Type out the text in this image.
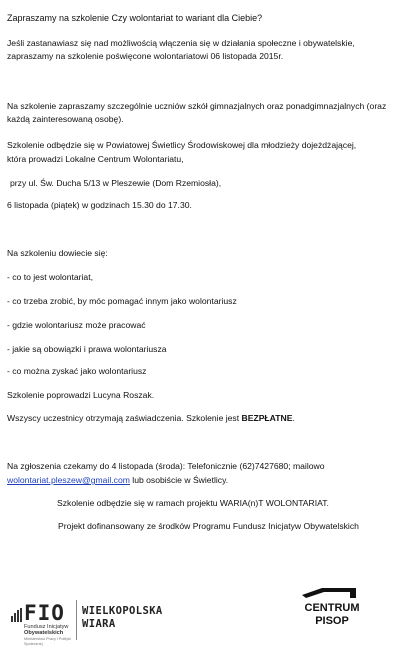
Zapraszamy na szkolenie Czy wolontariat to wariant dla Ciebie?
Jeśli zastanawiasz się nad możliwością włączenia się w działania społeczne i obywatelskie, zapraszamy na szkolenie poświęcone wolontariatowi 06 listopada 2015r.
Na szkolenie zapraszamy szczególnie uczniów szkół gimnazjalnych oraz ponadgimnazjalnych (oraz każdą zainteresowaną osobę).
Szkolenie odbędzie się w Powiatowej Świetlicy Środowiskowej dla młodzieży dojeżdżającej,
która prowadzi Lokalne Centrum Wolontariatu,
przy ul. Św. Ducha 5/13 w Pleszewie (Dom Rzemiosła),
6 listopada (piątek) w godzinach 15.30 do 17.30.
Na szkoleniu dowiecie się:
- co to jest wolontariat,
- co trzeba zrobić, by móc pomagać innym jako wolontariusz
- gdzie wolontariusz może pracować
- jakie są obowiązki i prawa wolontariusza
- co można zyskać jako wolontariusz
Szkolenie poprowadzi Lucyna Roszak.
Wszyscy uczestnicy otrzymają zaświadczenia. Szkolenie jest BEZPŁATNE.
Na zgłoszenia czekamy do 4 listopada (środa): Telefonicznie (62)7427680; mailowo
wolontariat.pleszew@gmail.com lub osobiście w Świetlicy.
Szkolenie odbędzie się w ramach projektu WARIA(n)T WOLONTARIAT.
Projekt dofinansowany ze środków Programu Fundusz Inicjatyw Obywatelskich
FIO
Fundusz Inicjatyw
Obywatelskich
Ministerstwo Pracy i Polityki Społecznej
WIELKOPOLSKA
WIARA
CENTRUM
PISOP
